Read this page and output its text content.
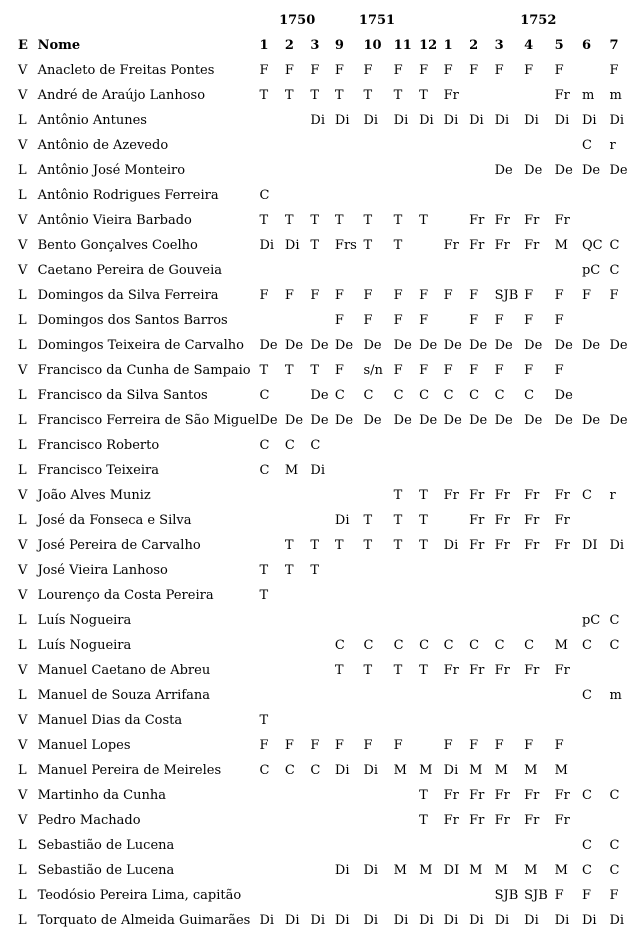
		1750			1751						1752				
E	Nome	1	2	3	9	10	11	12	1	2	3	4	5	6	7
V	Anacleto de Freitas Pontes	F	F	F	F	F	F	F	F	F	F	F	F		F
V	André de Araújo Lanhoso	T	T	T	T	T	T	T	Fr				Fr	m	m
L	Antônio Antunes			Di	Di	Di	Di	Di	Di	Di	Di	Di	Di	Di	Di
V	Antônio de Azevedo													C	r
L	Antônio José Monteiro										De	De	De	De	De
L	Antônio Rodrigues Ferreira	C													
V	Antônio Vieira Barbado	T	T	T	T	T	T	T		Fr	Fr	Fr	Fr		
V	Bento Gonçalves Coelho	Di	Di	T	Frs	T	T		Fr	Fr	Fr	Fr	M	QC	C
V	Caetano Pereira de Gouveia													pC	C
L	Domingos da Silva Ferreira	F	F	F	F	F	F	F	F	F	SJB	F	F	F	F
L	Domingos dos Santos Barros				F	F	F	F		F	F	F	F		
L	Domingos Teixeira de Carvalho	De	De	De	De	De	De	De	De	De	De	De	De	De	De
V	Francisco da Cunha de Sampaio	T	T	T	F	s/n	F	F	F	F	F	F	F		
L	Francisco da Silva Santos	C		De	C	C	C	C	C	C	C	C	De		
L	Francisco Ferreira de São Miguel	De	De	De	De	De	De	De	De	De	De	De	De	De	De
L	Francisco Roberto	C	C	C											
L	Francisco Teixeira	C	M	Di											
V	João Alves Muniz						T	T	Fr	Fr	Fr	Fr	Fr	C	r
L	José da Fonseca e Silva				Di	T	T	T		Fr	Fr	Fr	Fr		
V	José Pereira de Carvalho		T	T	T	T	T	T	Di	Fr	Fr	Fr	Fr	DI	Di
V	José Vieira Lanhoso	T	T	T											
V	Lourenço da Costa Pereira	T													
L	Luís Nogueira													pC	C
L	Luís Nogueira				C	C	C	C	C	C	C	C	M	C	C
V	Manuel Caetano de Abreu				T	T	T	T	Fr	Fr	Fr	Fr	Fr		
L	Manuel de Souza Arrifana													C	m
V	Manuel Dias da Costa	T													
V	Manuel Lopes	F	F	F	F	F	F		F	F	F	F	F		
L	Manuel Pereira de Meireles	C	C	C	Di	Di	M	M	Di	M	M	M	M		
V	Martinho da Cunha							T	Fr	Fr	Fr	Fr	Fr	C	C
V	Pedro Machado							T	Fr	Fr	Fr	Fr	Fr		
L	Sebastião de Lucena													C	C
L	Sebastião de Lucena				Di	Di	M	M	DI	M	M	M	M	C	C
L	Teodósio Pereira Lima, capitão										SJB	SJB	F	F	F
L	Torquato de Almeida Guimarães	Di	Di	Di	Di	Di	Di	Di	Di	Di	Di	Di	Di	Di	Di
